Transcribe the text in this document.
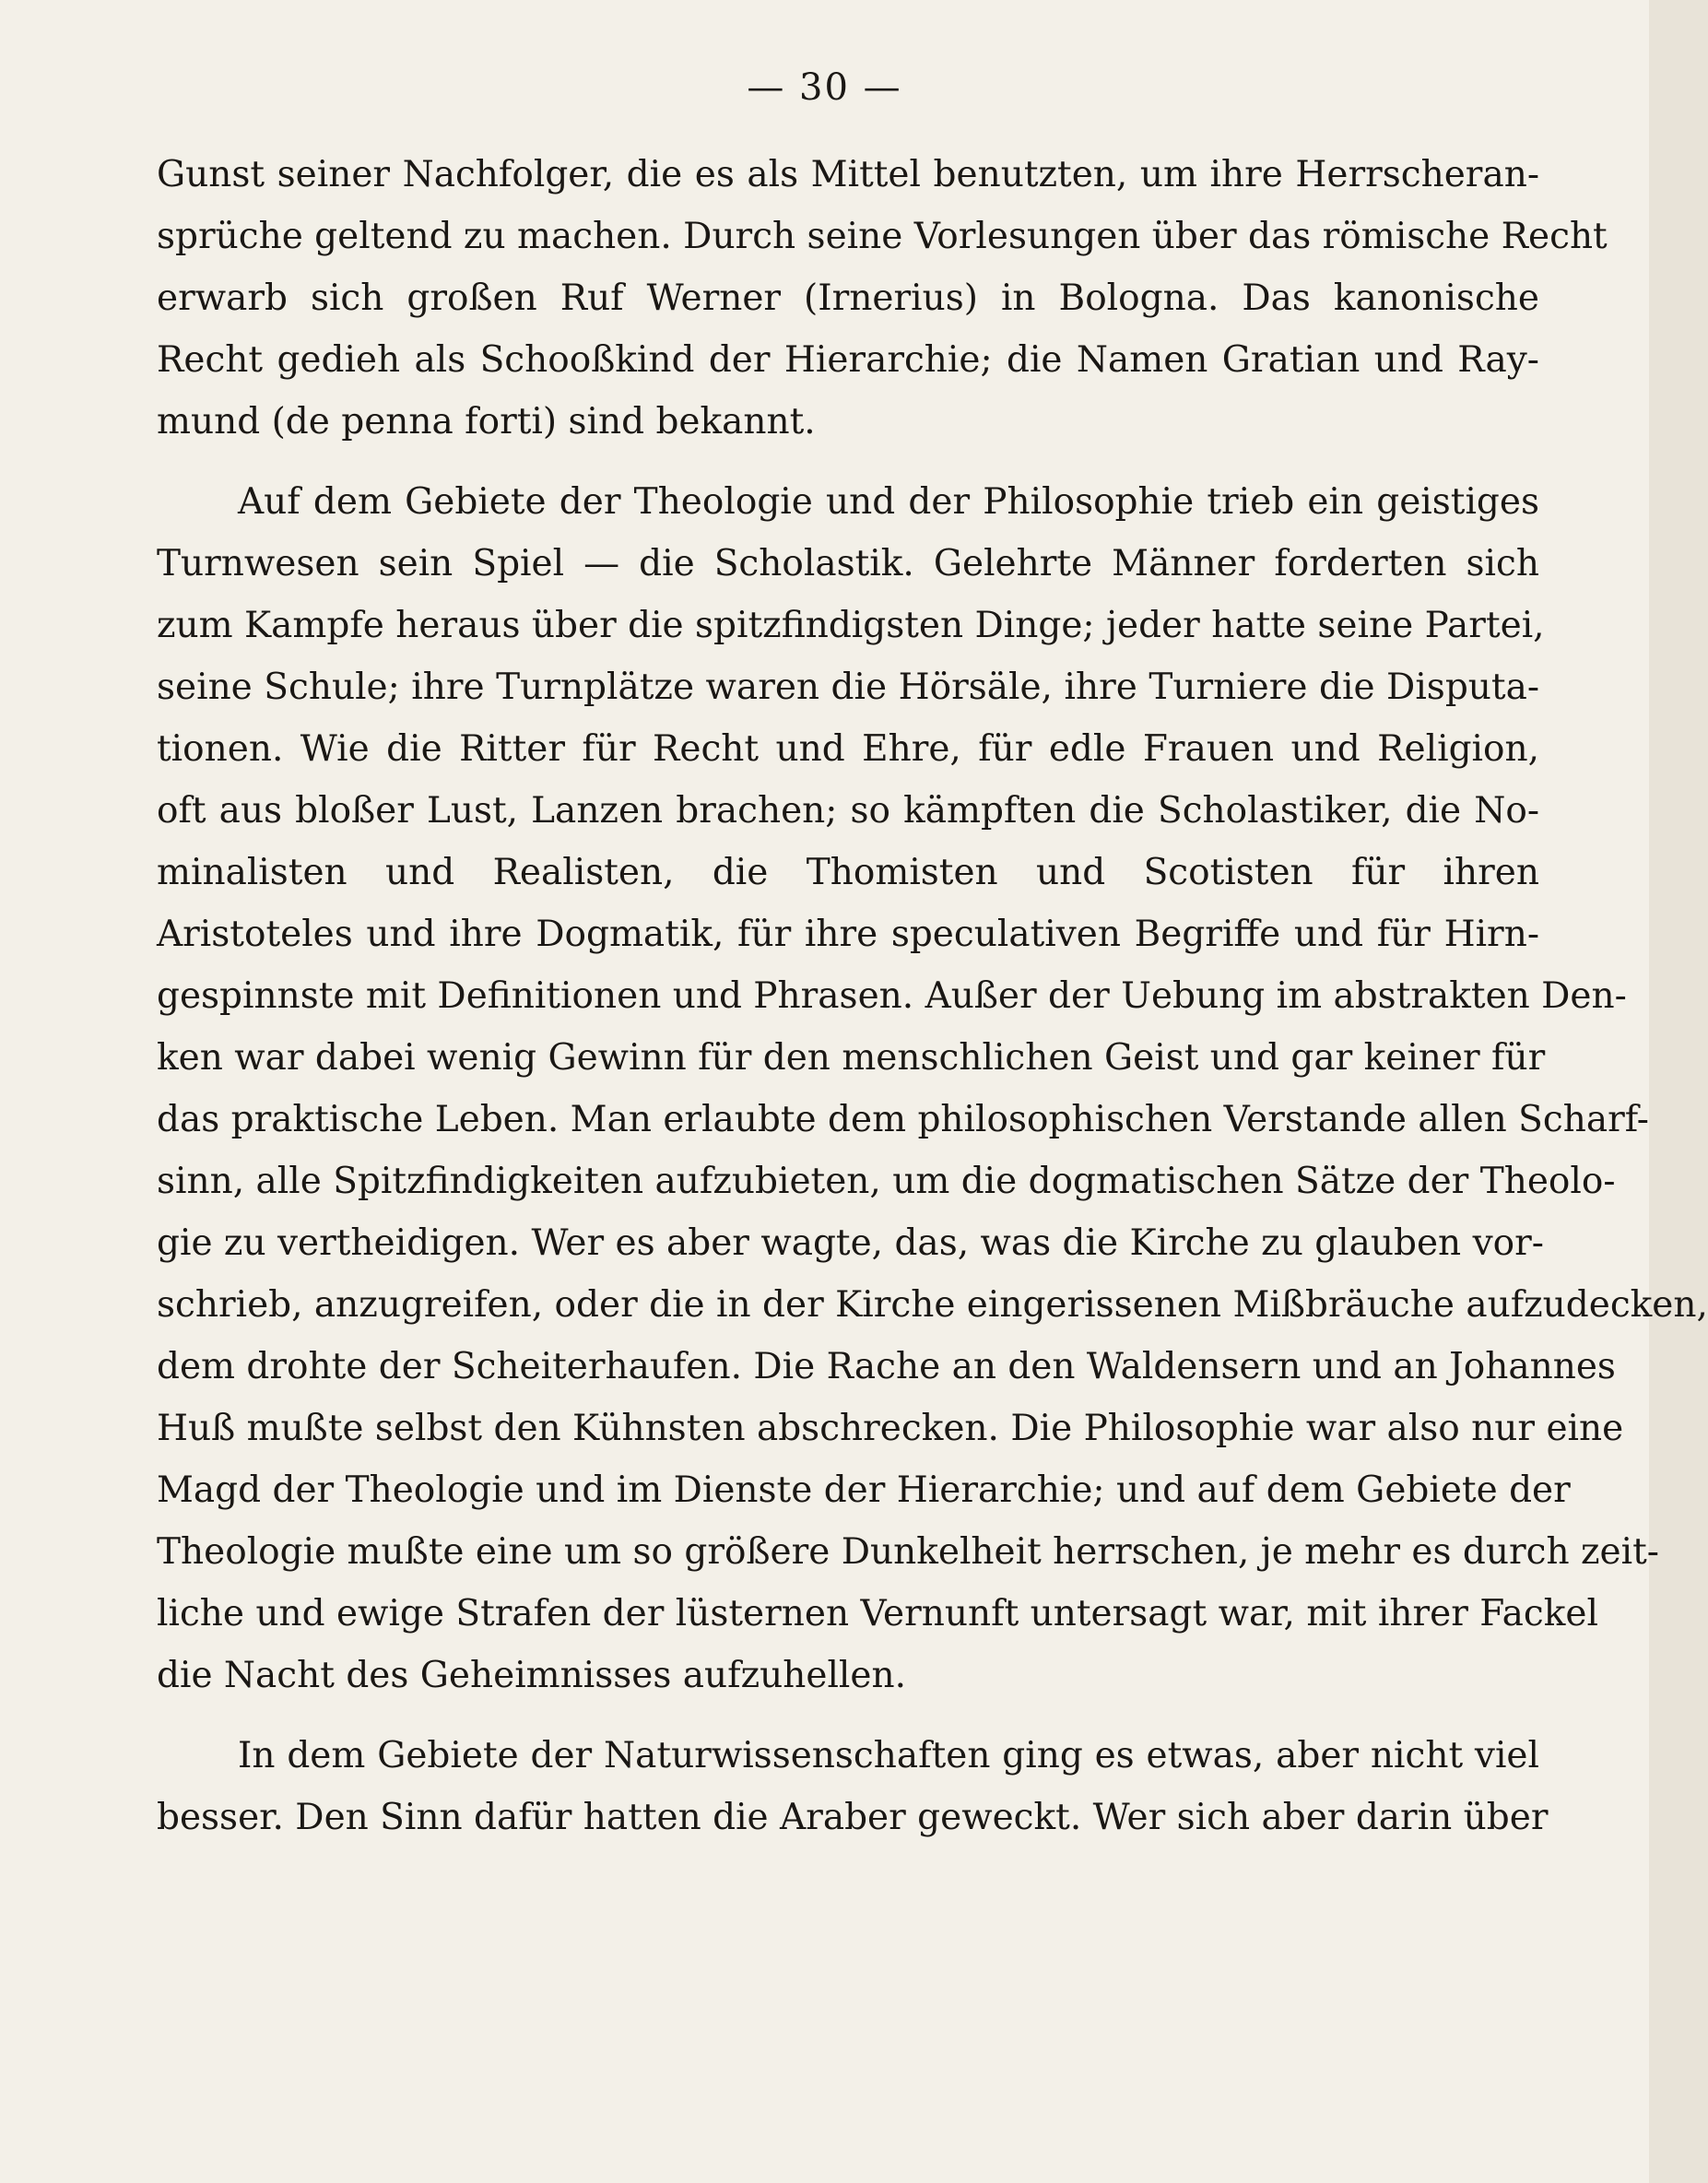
— 30 —
Gunst seiner Nachfolger, die es als Mittel benutzten, um ihre Herrscheran-
sprüche geltend zu machen. Durch seine Vorlesungen über das römische Recht
erwarb sich großen Ruf Werner (Irnerius) in Bologna. Das kanonische
Recht gedieh als Schooßkind der Hierarchie; die Namen Gratian und Ray-
mund (de penna forti) sind bekannt.
Auf dem Gebiete der Theologie und der Philosophie trieb ein geistiges
Turnwesen sein Spiel — die Scholastik. Gelehrte Männer forderten sich
zum Kampfe heraus über die spitzfindigsten Dinge; jeder hatte seine Partei,
seine Schule; ihre Turnplätze waren die Hörsäle, ihre Turniere die Disputa-
tionen. Wie die Ritter für Recht und Ehre, für edle Frauen und Religion,
oft aus bloßer Lust, Lanzen brachen; so kämpften die Scholastiker, die No-
minalisten und Realisten, die Thomisten und Scotisten für ihren
Aristoteles und ihre Dogmatik, für ihre speculativen Begriffe und für Hirn-
gespinnste mit Definitionen und Phrasen. Außer der Uebung im abstrakten Den-
ken war dabei wenig Gewinn für den menschlichen Geist und gar keiner für
das praktische Leben. Man erlaubte dem philosophischen Verstande allen Scharf-
sinn, alle Spitzfindigkeiten aufzubieten, um die dogmatischen Sätze der Theolo-
gie zu vertheidigen. Wer es aber wagte, das, was die Kirche zu glauben vor-
schrieb, anzugreifen, oder die in der Kirche eingerissenen Mißbräuche aufzudecken,
dem drohte der Scheiterhaufen. Die Rache an den Waldensern und an Johannes
Huß mußte selbst den Kühnsten abschrecken. Die Philosophie war also nur eine
Magd der Theologie und im Dienste der Hierarchie; und auf dem Gebiete der
Theologie mußte eine um so größere Dunkelheit herrschen, je mehr es durch zeit-
liche und ewige Strafen der lüsternen Vernunft untersagt war, mit ihrer Fackel
die Nacht des Geheimnisses aufzuhellen.
In dem Gebiete der Naturwissenschaften ging es etwas, aber nicht viel
besser. Den Sinn dafür hatten die Araber geweckt. Wer sich aber darin über
